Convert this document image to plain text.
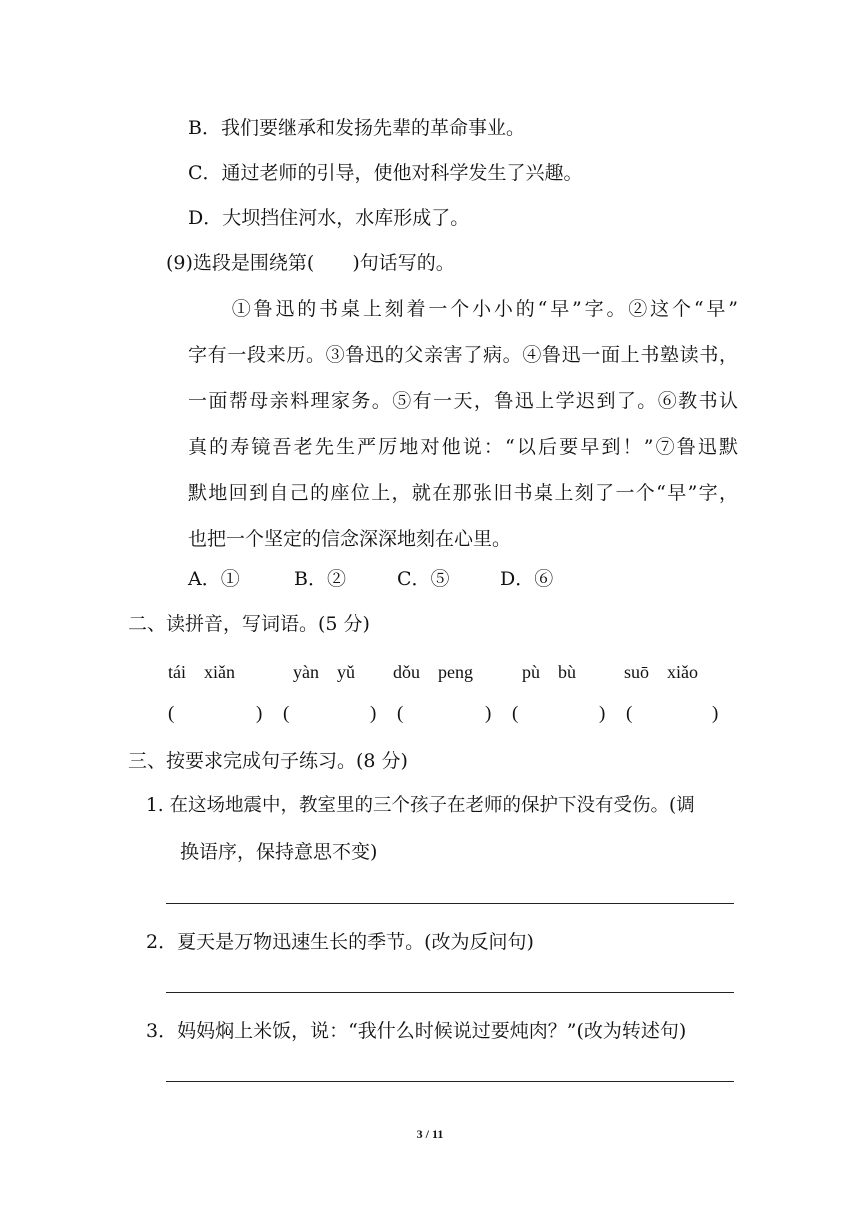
B．我们要继承和发扬先辈的革命事业。
C．通过老师的引导，使他对科学发生了兴趣。
D．大坝挡住河水，水库形成了。
(9)选段是围绕第(　　)句话写的。

　　①鲁迅的书桌上刻着一个小小的“早”字。②这个“早”

字有一段来历。③鲁迅的父亲害了病。④鲁迅一面上书塾读书，

一面帮母亲料理家务。⑤有一天，鲁迅上学迟到了。⑥教书认

真的寿镜吾老先生严厉地对他说：“以后要早到！”⑦鲁迅默

默地回到自己的座位上，就在那张旧书桌上刻了一个“早”字，

也把一个坚定的信念深深地刻在心里。

A．①	B．②	C．⑤	D．⑥
二、读拼音，写词语。(5 分)
tái　xiǎn	yàn　yǔ dǒu　peng	pù　bù	suō　xiǎo
(	) (	) (	) (	) (	)
三、按要求完成句子练习。(8 分)
1. 在这场地震中，教室里的三个孩子在老师的保护下没有受伤。(调
换语序，保持意思不变)
2．夏天是万物迅速生长的季节。(改为反问句)
3．妈妈焖上米饭，说：“我什么时候说过要炖肉？”(改为转述句)
3 / 11
